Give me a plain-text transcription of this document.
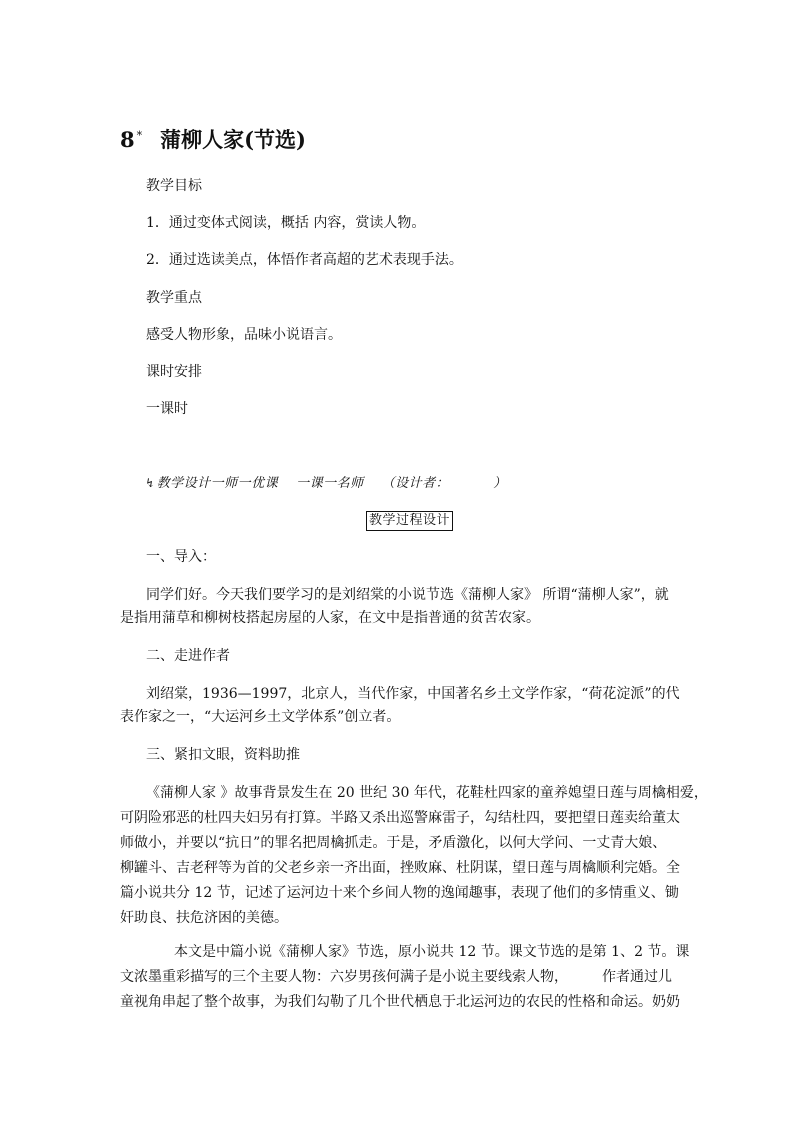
8 * 蒲柳人家(节选)
教学目标
1．通过变体式阅读，概括 内容，赏读人物。
2．通过选读美点，体悟作者高超的艺术表现手法。
教学重点
感受人物形象，品味小说语言。
课时安排
一课时
↯教学设计一师一优课 一课一名师 （设计者：	）
教学过程设计
一、导入：
同学们好。今天我们要学习的是刘绍棠的小说节选《蒲柳人家》 所谓“蒲柳人家”，就
是指用蒲草和柳树枝搭起房屋的人家，在文中是指普通的贫苦农家。
二、走进作者
刘绍棠，1936—1997，北京人，当代作家，中国著名乡土文学作家，“荷花淀派”的代
表作家之一，“大运河乡土文学体系”创立者。
三、紧扣文眼，资料助推
《蒲柳人家 》故事背景发生在 20 世纪 30 年代，花鞋杜四家的童养媳望日莲与周檎相爱，
可阴险邪恶的杜四夫妇另有打算。半路又杀出巡警麻雷子，勾结杜四，要把望日莲卖给董太
师做小，并要以“抗日”的罪名把周檎抓走。于是，矛盾激化，以何大学问、一丈青大娘、
柳罐斗、吉老秤等为首的父老乡亲一齐出面，挫败麻、杜阴谋，望日莲与周檎顺利完婚。全
篇小说共分 12 节，记述了运河边十来个乡间人物的逸闻趣事，表现了他们的多情重义、锄
奸助良、扶危济困的美德。
本文是中篇小说《蒲柳人家》节选，原小说共 12 节。课文节选的是第 1、2 节。课
文浓墨重彩描写的三个主要人物：六岁男孩何满子是小说主要线索人物， 作者通过儿
童视角串起了整个故事，为我们勾勒了几个世代栖息于北运河边的农民的性格和命运。奶奶
